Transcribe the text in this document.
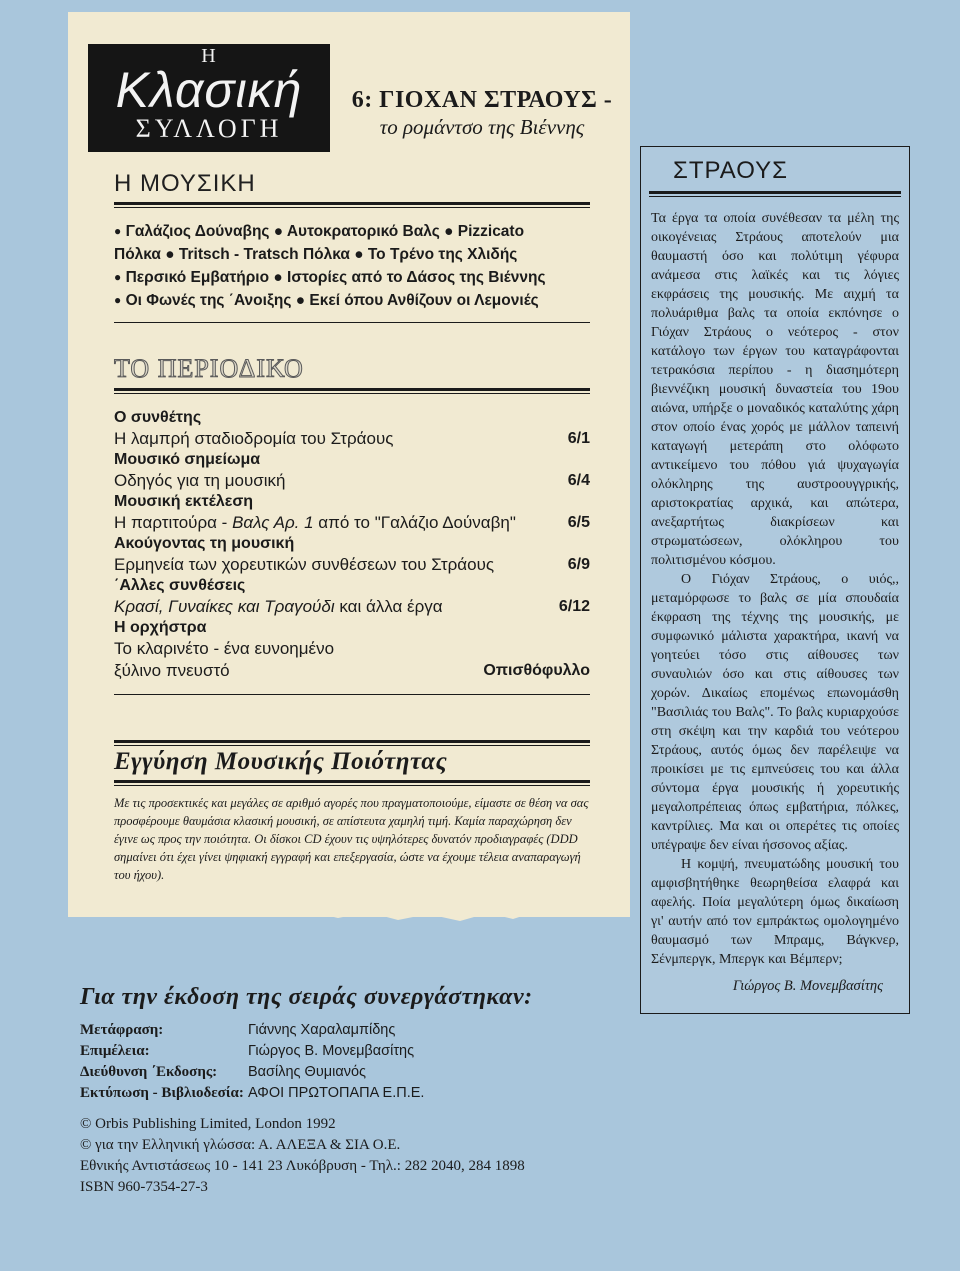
Η
Κλασική
ΣΥΛΛΟΓΗ
6: ΓΙΟΧΑΝ ΣΤΡΑΟΥΣ -
το ρομάντσο της Βιέννης
Η ΜΟΥΣΙΚΗ
● Γαλάζιος Δούναβης ● Αυτοκρατορικό Βαλς ● Pizzicato
Πόλκα ● Tritsch - Tratsch Πόλκα ● Το Τρένο της Χλιδής
● Περσικό Εμβατήριο ● Ιστορίες από το Δάσος της Βιέννης
● Οι Φωνές της ΄Ανοιξης ● Εκεί όπου Ανθίζουν οι Λεμονιές
ΤΟ ΠΕΡΙΟΔΙΚΟ
Ο συνθέτης
Η λαμπρή σταδιοδρομία του Στράους	6/1
Μουσικό σημείωμα
Οδηγός για τη μουσική	6/4
Μουσική εκτέλεση
Η παρτιτούρα - Βαλς Αρ. 1 από το "Γαλάζιο Δούναβη"	6/5
Ακούγοντας τη μουσική
Ερμηνεία των χορευτικών συνθέσεων του Στράους	6/9
΄Αλλες συνθέσεις
Κρασί, Γυναίκες και Τραγούδι και άλλα έργα	6/12
Η ορχήστρα
Το κλαρινέτο - ένα ευνοημένο
ξύλινο πνευστό	Οπισθόφυλλο
Εγγύηση Μουσικής Ποιότητας
Με τις προσεκτικές και μεγάλες σε αριθμό αγορές που πραγματοποιούμε, είμαστε σε θέση να σας προσφέρουμε θαυμάσια κλασική μουσική, σε απίστευτα χαμηλή τιμή. Καμία παραχώρηση δεν έγινε ως προς την ποιότητα. Οι δίσκοι CD έχουν τις υψηλότερες δυνατόν προδιαγραφές (DDD σημαίνει ότι έχει γίνει ψηφιακή εγγραφή και επεξεργασία, ώστε να έχουμε τέλεια αναπαραγωγή του ήχου).
Για την έκδοση της σειράς συνεργάστηκαν:
Μετάφραση:	Γιάννης Χαραλαμπίδης
Επιμέλεια:	Γιώργος Β. Μονεμβασίτης
Διεύθυνση ΄Εκδοσης:	Βασίλης Θυμιανός
Εκτύπωση - Βιβλιοδεσία: ΑΦΟΙ ΠΡΩΤΟΠΑΠΑ Ε.Π.Ε.
© Orbis Publishing Limited, London 1992
© για την Ελληνική γλώσσα: Α. ΑΛΕΞΑ & ΣΙΑ Ο.Ε.
Εθνικής Αντιστάσεως 10 - 141 23 Λυκόβρυση - Τηλ.: 282 2040, 284 1898
ISBN 960-7354-27-3
ΣΤΡΑΟΥΣ

Τα έργα τα οποία συνέθεσαν τα μέλη της οικογένειας Στράους αποτελούν μια θαυμαστή όσο και πολύτιμη γέφυρα ανάμεσα στις λαϊκές και τις λόγιες εκφράσεις της μουσικής. Με αιχμή τα πολυάριθμα βαλς τα οποία εκπόνησε ο Γιόχαν Στράους ο νεότερος - στον κατάλογο των έργων του καταγράφονται τετρακόσια περίπου - η διασημότερη βιεννέζικη μουσική δυναστεία του 19ου αιώνα, υπήρξε ο μοναδικός καταλύτης χάρη στον οποίο ένας χορός με μάλλον ταπεινή καταγωγή μετεράπη στο ολόφωτο αντικείμενο του πόθου γιά ψυχαγωγία ολόκληρης της αυστροουγγρικής, αριστοκρατίας αρχικά, και απώτερα, ανεξαρτήτως διακρίσεων και στρωματώσεων, ολόκληρου του πολιτισμένου κόσμου.

Ο Γιόχαν Στράους, ο υιός,, μεταμόρφωσε το βαλς σε μία σπουδαία έκφραση της τέχνης της μουσικής, με συμφωνικό μάλιστα χαρακτήρα, ικανή να γοητεύει τόσο στις αίθουσες των συναυλιών όσο και στις αίθουσες των χορών. Δικαίως επομένως επωνομάσθη "Βασιλιάς του Βαλς". Το βαλς κυριαρχούσε στη σκέψη και την καρδιά του νεότερου Στράους, αυτός όμως δεν παρέλειψε να προικίσει με τις εμπνεύσεις του και άλλα σύντομα έργα μουσικής ή χορευτικής μεγαλοπρέπειας όπως εμβατήρια, πόλκες, καντρίλιες. Μα και οι οπερέτες τις οποίες υπέγραψε δεν είναι ήσσονος αξίας.

Η κομψή, πνευματώδης μουσική του αμφισβητήθηκε θεωρηθείσα ελαφρά και αφελής. Ποία μεγαλύτερη όμως δικαίωση γι' αυτήν από τον εμπράκτως ομολογημένο θαυμασμό των Μπραμς, Βάγκνερ, Σένμπεργκ, Μπεργκ και Βέμπερν;

Γιώργος Β. Μονεμβασίτης
